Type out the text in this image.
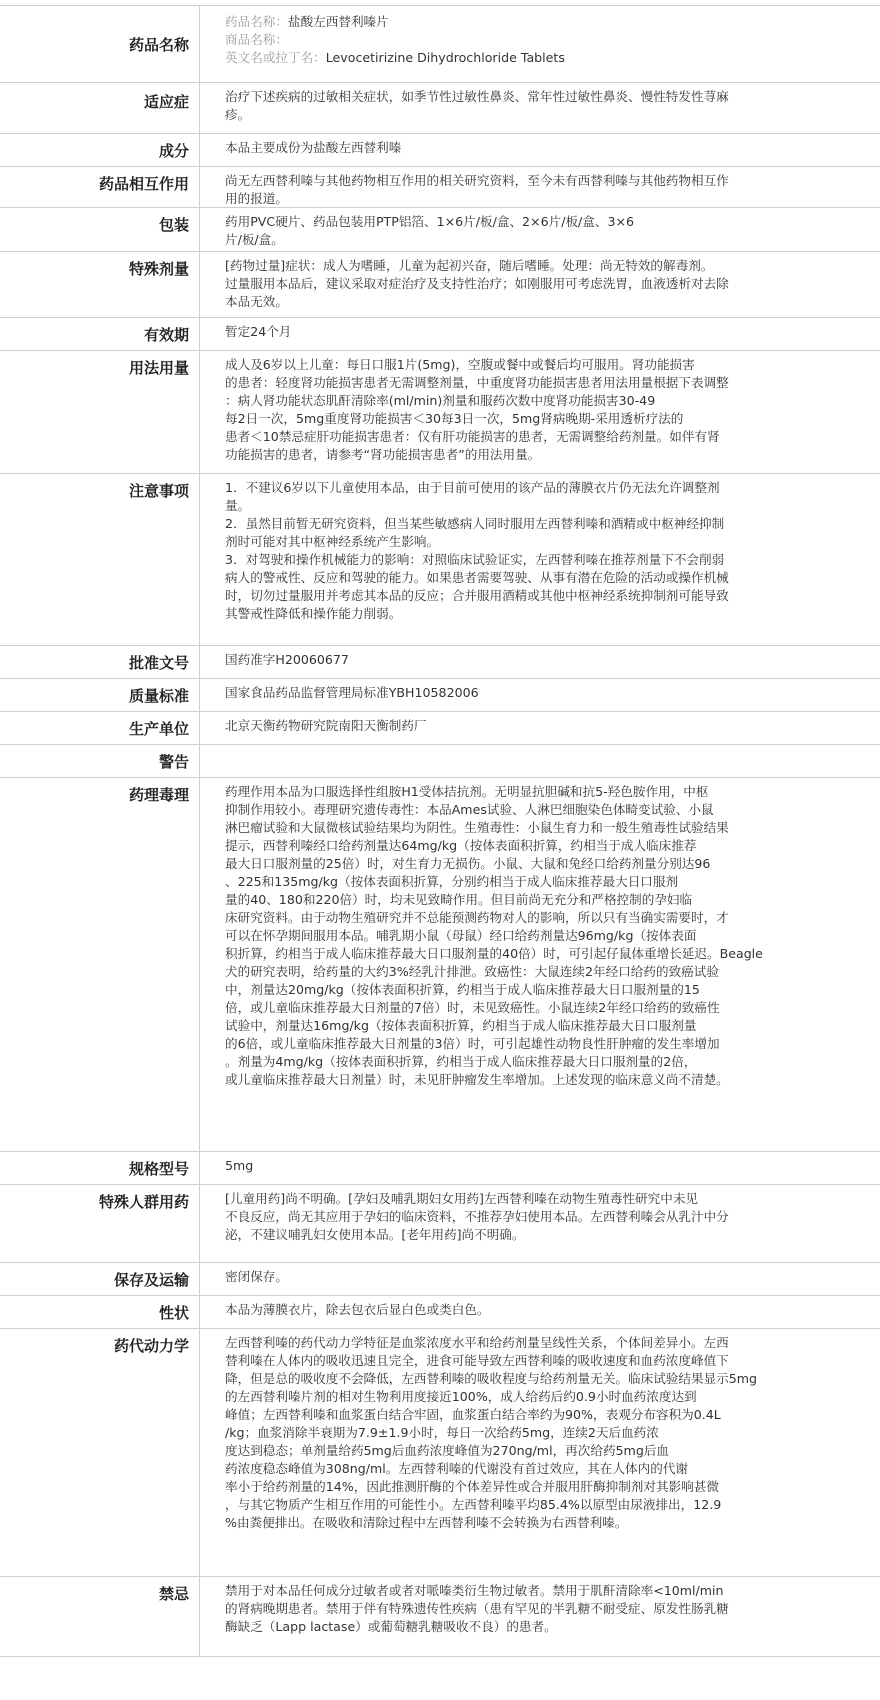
药品名称
药品名称：盐酸左西替利嗪片
商品名称：
英文名或拉丁名：Levocetirizine Dihydrochloride Tablets
适应症	治疗下述疾病的过敏相关症状，如季节性过敏性鼻炎、常年性过敏性鼻炎、慢性特发性荨麻
疹。
成分	本品主要成份为盐酸左西替利嗪
药品相互作用	尚无左西替利嗪与其他药物相互作用的相关研究资料，至今未有西替利嗪与其他药物相互作
用的报道。
包装	药用PVC硬片、药品包装用PTP铝箔、1×6片/板/盒、2×6片/板/盒、3×6
片/板/盒。
特殊剂量	[药物过量]症状：成人为嗜睡，儿童为起初兴奋，随后嗜睡。处理：尚无特效的解毒剂。
过量服用本品后，建议采取对症治疗及支持性治疗；如刚服用可考虑洗胃，血液透析对去除
本品无效。
有效期	暂定24个月
用法用量	成人及6岁以上儿童：每日口服1片(5mg)，空腹或餐中或餐后均可服用。肾功能损害
的患者：轻度肾功能损害患者无需调整剂量，中重度肾功能损害患者用法用量根据下表调整
：病人肾功能状态肌酐清除率(ml/min)剂量和服药次数中度肾功能损害30-49
每2日一次，5mg重度肾功能损害＜30每3日一次，5mg肾病晚期-采用透析疗法的
患者＜10禁忌症肝功能损害患者：仅有肝功能损害的患者，无需调整给药剂量。如伴有肾
功能损害的患者，请参考“肾功能损害患者”的用法用量。
注意事项	1．不建议6岁以下儿童使用本品，由于目前可使用的该产品的薄膜衣片仍无法允许调整剂
量。
2．虽然目前暂无研究资料，但当某些敏感病人同时服用左西替利嗪和酒精或中枢神经抑制
剂时可能对其中枢神经系统产生影响。
3．对驾驶和操作机械能力的影响：对照临床试验证实，左西替利嗪在推荐剂量下不会削弱
病人的警戒性、反应和驾驶的能力。如果患者需要驾驶、从事有潜在危险的活动或操作机械
时，切勿过量服用并考虑其本品的反应；合并服用酒精或其他中枢神经系统抑制剂可能导致
其警戒性降低和操作能力削弱。
批准文号	国药准字H20060677
质量标准	国家食品药品监督管理局标准YBH10582006
生产单位	北京天衡药物研究院南阳天衡制药厂
警告
药理毒理	药理作用本品为口服选择性组胺H1受体拮抗剂。无明显抗胆碱和抗5-羟色胺作用，中枢
抑制作用较小。毒理研究遗传毒性：本品Ames试验、人淋巴细胞染色体畸变试验、小鼠
淋巴瘤试验和大鼠微核试验结果均为阴性。生殖毒性：小鼠生育力和一般生殖毒性试验结果
提示，西替利嗪经口给药剂量达64mg/kg（按体表面积折算，约相当于成人临床推荐
最大日口服剂量的25倍）时，对生育力无损伤。小鼠、大鼠和兔经口给药剂量分别达96
、225和135mg/kg（按体表面积折算，分别约相当于成人临床推荐最大日口服剂
量的40、180和220倍）时，均未见致畸作用。但目前尚无充分和严格控制的孕妇临
床研究资料。由于动物生殖研究并不总能预测药物对人的影响，所以只有当确实需要时，才
可以在怀孕期间服用本品。哺乳期小鼠（母鼠）经口给药剂量达96mg/kg（按体表面
积折算，约相当于成人临床推荐最大日口服剂量的40倍）时，可引起仔鼠体重增长延迟。Beagle
犬的研究表明，给药量的大约3%经乳汁排泄。致癌性：大鼠连续2年经口给药的致癌试验
中，剂量达20mg/kg（按体表面积折算，约相当于成人临床推荐最大日口服剂量的15
倍，或儿童临床推荐最大日剂量的7倍）时，未见致癌性。小鼠连续2年经口给药的致癌性
试验中，剂量达16mg/kg（按体表面积折算，约相当于成人临床推荐最大日口服剂量
的6倍，或儿童临床推荐最大日剂量的3倍）时，可引起雄性动物良性肝肿瘤的发生率增加
。剂量为4mg/kg（按体表面积折算，约相当于成人临床推荐最大日口服剂量的2倍，
或儿童临床推荐最大日剂量）时，未见肝肿瘤发生率增加。上述发现的临床意义尚不清楚。
规格型号	5mg
特殊人群用药	[儿童用药]尚不明确。[孕妇及哺乳期妇女用药]左西替利嗪在动物生殖毒性研究中未见
不良反应，尚无其应用于孕妇的临床资料，不推荐孕妇使用本品。左西替利嗪会从乳汁中分
泌，不建议哺乳妇女使用本品。[老年用药]尚不明确。
保存及运输	密闭保存。
性状	本品为薄膜衣片，除去包衣后显白色或类白色。
药代动力学	左西替利嗪的药代动力学特征是血浆浓度水平和给药剂量呈线性关系，个体间差异小。左西
替利嗪在人体内的吸收迅速且完全，进食可能导致左西替利嗪的吸收速度和血药浓度峰值下
降，但是总的吸收度不会降低，左西替利嗪的吸收程度与给药剂量无关。临床试验结果显示5mg
的左西替利嗪片剂的相对生物利用度接近100%，成人给药后约0.9小时血药浓度达到
峰值；左西替利嗪和血浆蛋白结合牢固，血浆蛋白结合率约为90%，表观分布容积为0.4L
/kg；血浆消除半衰期为7.9±1.9小时，每日一次给药5mg，连续2天后血药浓
度达到稳态；单剂量给药5mg后血药浓度峰值为270ng/ml，再次给药5mg后血
药浓度稳态峰值为308ng/ml。左西替利嗪的代谢没有首过效应，其在人体内的代谢
率小于给药剂量的14%，因此推测肝酶的个体差异性或合并服用肝酶抑制剂对其影响甚微
，与其它物质产生相互作用的可能性小。左西替利嗪平均85.4%以原型由尿液排出，12.9
%由粪便排出。在吸收和清除过程中左西替利嗪不会转换为右西替利嗪。
禁忌	禁用于对本品任何成分过敏者或者对哌嗪类衍生物过敏者。禁用于肌酐清除率<10ml/min
的肾病晚期患者。禁用于伴有特殊遗传性疾病（患有罕见的半乳糖不耐受症、原发性肠乳糖
酶缺乏（Lapp lactase）或葡萄糖乳糖吸收不良）的患者。
